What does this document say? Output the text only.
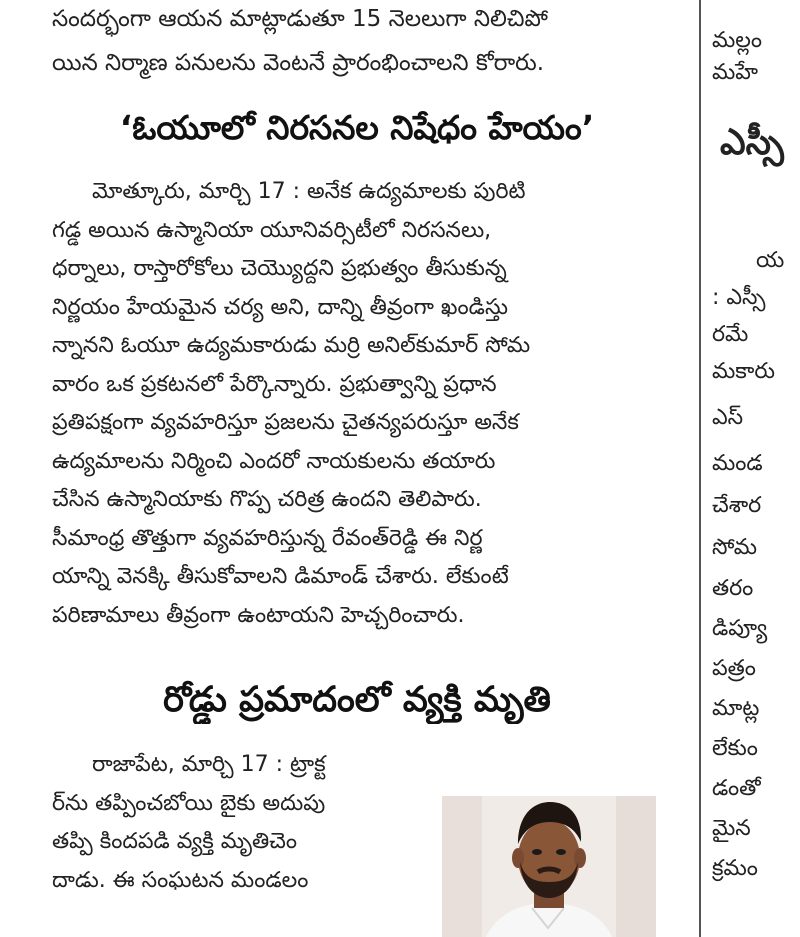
సందర్భంగా ఆయన మాట్లాడుతూ 15 నెలలుగా నిలిచిపో
యిన నిర్మాణ పనులను వెంటనే ప్రారంభించాలని కోరారు.
‘ఓయూలో నిరసనల నిషేధం హేయం’
మోత్కూరు, మార్చి 17 : అనేక ఉద్యమాలకు పురిటి
గడ్డ అయిన ఉస్మానియా యూనివర్సిటీలో నిరసనలు,
ధర్నాలు, రాస్తారోకోలు చెయ్యొద్దని ప్రభుత్వం తీసుకున్న
నిర్ణయం హేయమైన చర్య అని, దాన్ని తీవ్రంగా ఖండిస్తు
న్నానని ఓయూ ఉద్యమకారుడు మర్రి అనిల్‌కుమార్ సోమ
వారం ఒక ప్రకటనలో పేర్కొన్నారు. ప్రభుత్వాన్ని ప్రధాన
ప్రతిపక్షంగా వ్యవహరిస్తూ ప్రజలను చైతన్యపరుస్తూ అనేక
ఉద్యమాలను నిర్మించి ఎందరో నాయకులను తయారు
చేసిన ఉస్మానియాకు గొప్ప చరిత్ర ఉందని తెలిపారు.
సీమాంధ్ర తొత్తుగా వ్యవహరిస్తున్న రేవంత్‌రెడ్డి ఈ నిర్ణ
యాన్ని వెనక్కి తీసుకోవాలని డిమాండ్ చేశారు. లేకుంటే
పరిణామాలు తీవ్రంగా ఉంటాయని హెచ్చరించారు.
రోడ్డు ప్రమాదంలో వ్యక్తి మృతి
రాజాపేట, మార్చి 17 : ట్రాక్ట
ర్‌ను తప్పించబోయి బైకు అదుపు
తప్పి కిందపడి వ్యక్తి మృతిచెం
దాడు. ఈ సంఘటన మండలం
మల్లం
మహే
ఎస్సీ
య
: ఎస్సీ
రమే
మకారు
ఎస్
మండ
చేశార
సోమ
తరం
డిప్యూ
పత్రం
మాట్ల
లేకుం
డంతో
మైన
క్రమం
